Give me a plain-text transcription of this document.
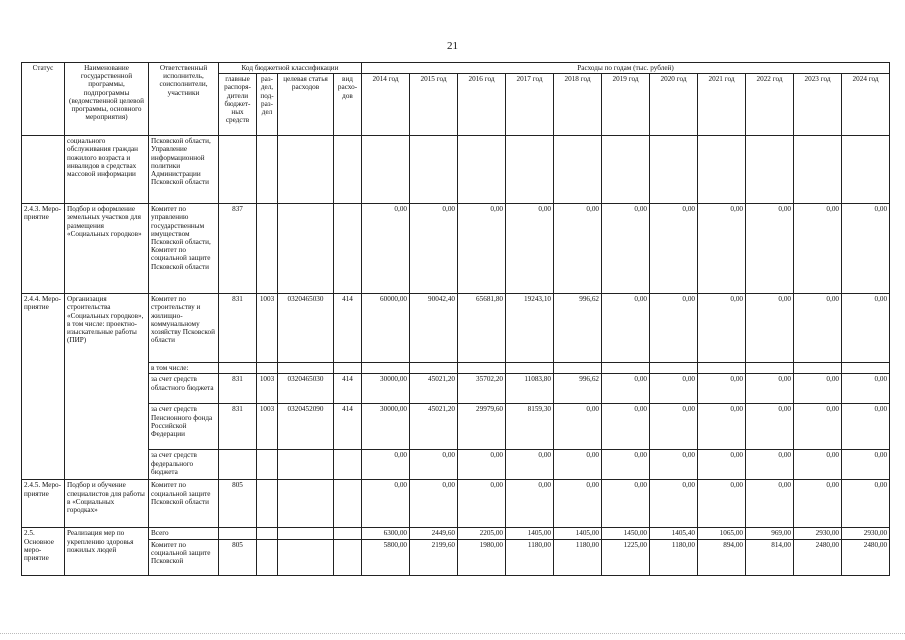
21
Статус	Наименование государственной программы, подпрограммы (ведомственной целевой программы, основного мероприятия)	Ответственный исполнитель, соисполнители, участники	Код бюджетной классификации				Расходы по годам (тыс. рублей)										
			главные распоря-дители бюджет-ных средств	раз-дел, под-раз-дел	целевая статья расходов	вид расхо-дов	2014 год	2015 год	2016 год	2017 год	2018 год	2019 год	2020 год	2021 год	2022 год	2023 год	2024 год
	социального обслуживания граждан пожилого возраста и инвалидов в средствах массовой информации	Псковской области, Управление информационной политики Администрации Псковской области															
2.4.3. Меро-приятие	Подбор и оформление земельных участков для размещения «Социальных городков»	Комитет по управлению государственным имуществом Псковской области, Комитет по социальной защите Псковской области	837				0,00	0,00	0,00	0,00	0,00	0,00	0,00	0,00	0,00	0,00	0,00
2.4.4. Меро-приятие	Организация строительства «Социальных городков», в том числе: проектно-изыскательные работы (ПИР)	Комитет по строительству и жилищно-коммунальному хозяйству Псковской области	831	1003	0320465030	414	60000,00	90042,40	65681,80	19243,10	996,62	0,00	0,00	0,00	0,00	0,00	0,00
		в том числе:															
		за счет средств областного бюджета	831	1003	0320465030	414	30000,00	45021,20	35702,20	11083,80	996,62	0,00	0,00	0,00	0,00	0,00	0,00
		за счет средств Пенсионного фонда Российской Федерации	831	1003	0320452090	414	30000,00	45021,20	29979,60	8159,30	0,00	0,00	0,00	0,00	0,00	0,00	0,00
		за счет средств федерального бюджета					0,00	0,00	0,00	0,00	0,00	0,00	0,00	0,00	0,00	0,00	0,00
2.4.5. Меро-приятие	Подбор и обучение специалистов для работы в «Социальных городках»	Комитет по социальной защите Псковской области	805				0,00	0,00	0,00	0,00	0,00	0,00	0,00	0,00	0,00	0,00	0,00
2.5. Основное меро-приятие	Реализация мер по укреплению здоровья пожилых людей	Всего					6300,00	2449,60	2205,00	1405,00	1405,00	1450,00	1405,40	1065,00	969,00	2930,00	2930,00
		Комитет по социальной защите Псковской	805				5800,00	2199,60	1980,00	1180,00	1180,00	1225,00	1180,00	894,00	814,00	2480,00	2480,00
